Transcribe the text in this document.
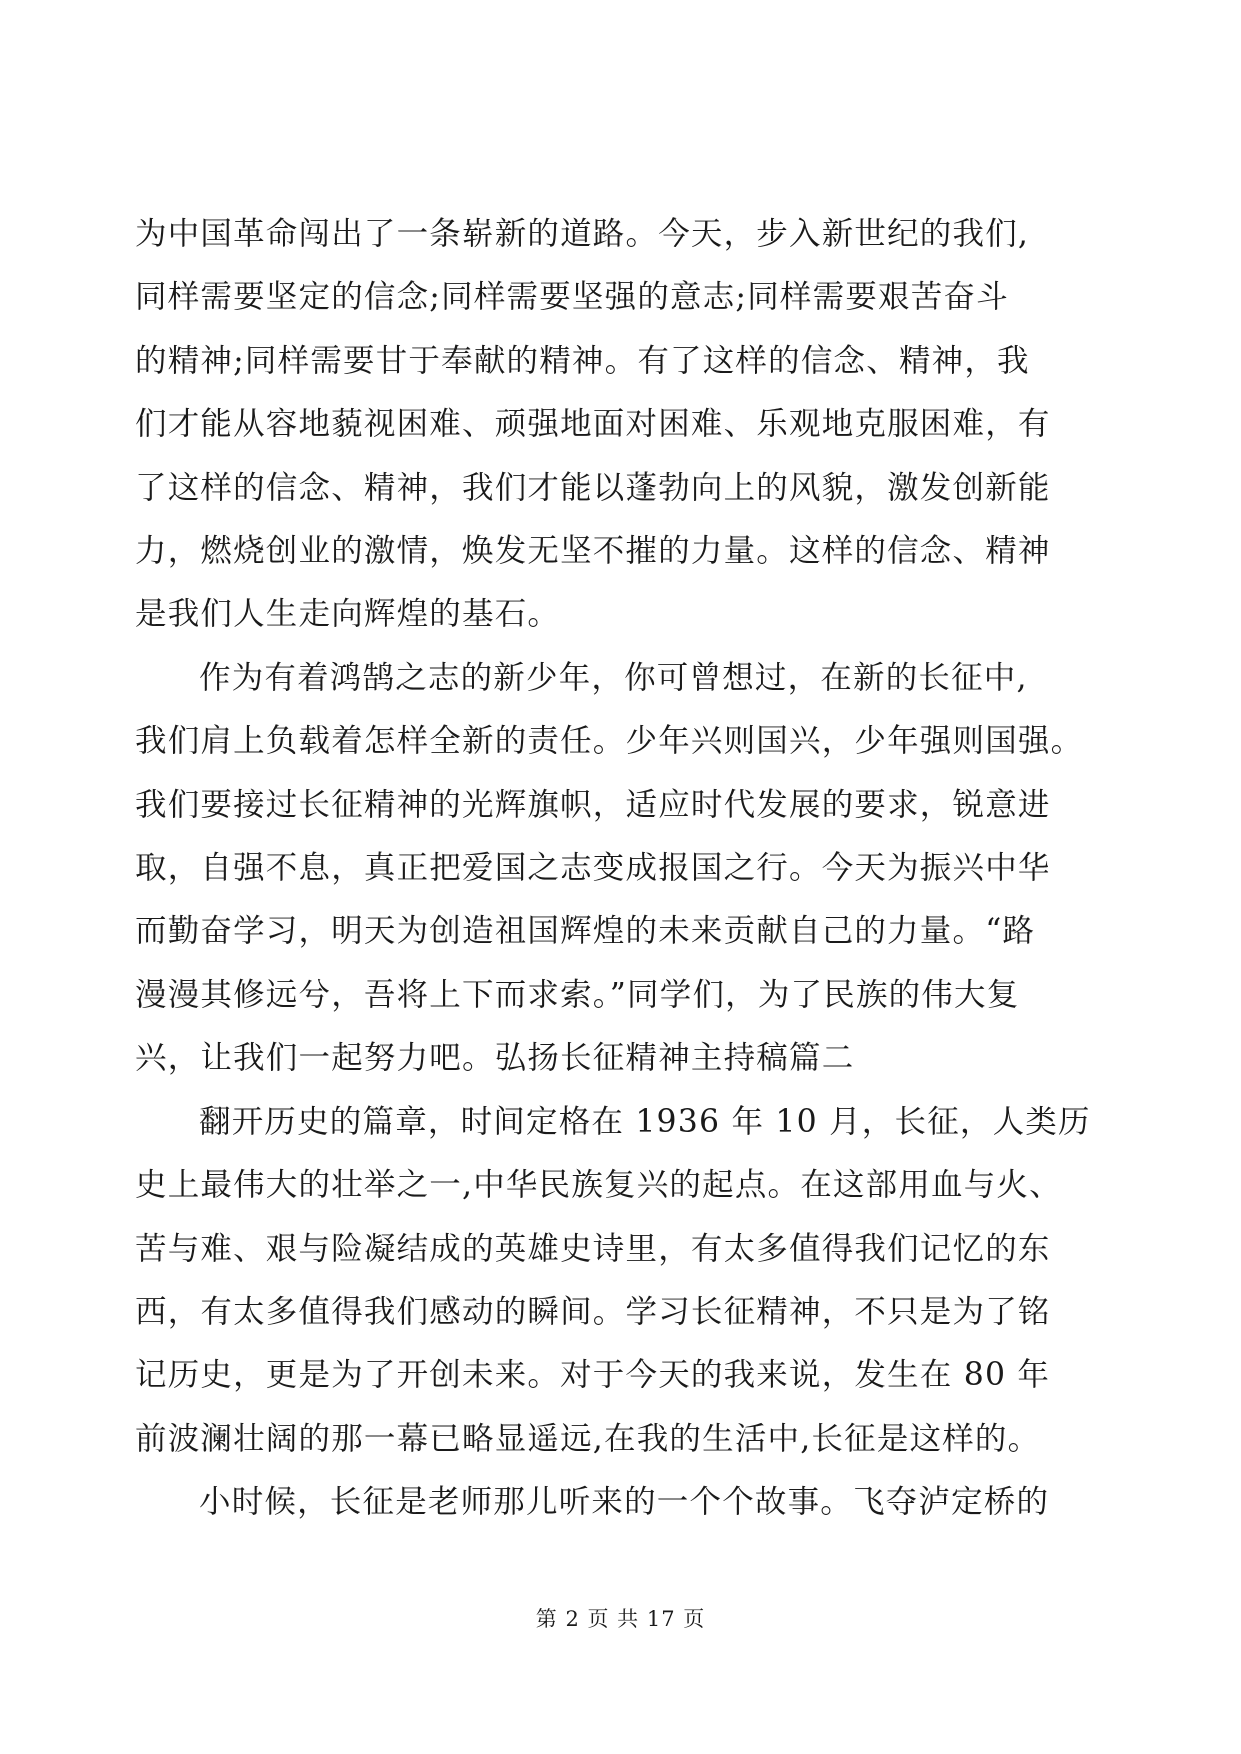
为中国革命闯出了一条崭新的道路。今天，步入新世纪的我们,
同样需要坚定的信念;同样需要坚强的意志;同样需要艰苦奋斗
的精神;同样需要甘于奉献的精神。有了这样的信念、精神，我
们才能从容地藐视困难、顽强地面对困难、乐观地克服困难，有
了这样的信念、精神，我们才能以蓬勃向上的风貌，激发创新能
力，燃烧创业的激情，焕发无坚不摧的力量。这样的信念、精神
是我们人生走向辉煌的基石。

作为有着鸿鹄之志的新少年，你可曾想过，在新的长征中,
我们肩上负载着怎样全新的责任。少年兴则国兴，少年强则国强。
我们要接过长征精神的光辉旗帜，适应时代发展的要求，锐意进
取，自强不息，真正把爱国之志变成报国之行。今天为振兴中华
而勤奋学习，明天为创造祖国辉煌的未来贡献自己的力量。“路
漫漫其修远兮，吾将上下而求索。”同学们，为了民族的伟大复
兴，让我们一起努力吧。弘扬长征精神主持稿篇二

翻开历史的篇章，时间定格在 1936 年 10 月，长征，人类历
史上最伟大的壮举之一,中华民族复兴的起点。在这部用血与火、
苦与难、艰与险凝结成的英雄史诗里，有太多值得我们记忆的东
西，有太多值得我们感动的瞬间。学习长征精神，不只是为了铭
记历史，更是为了开创未来。对于今天的我来说，发生在 80 年
前波澜壮阔的那一幕已略显遥远,在我的生活中,长征是这样的。

小时候，长征是老师那儿听来的一个个故事。飞夺泸定桥的

第 2 页 共 17 页
